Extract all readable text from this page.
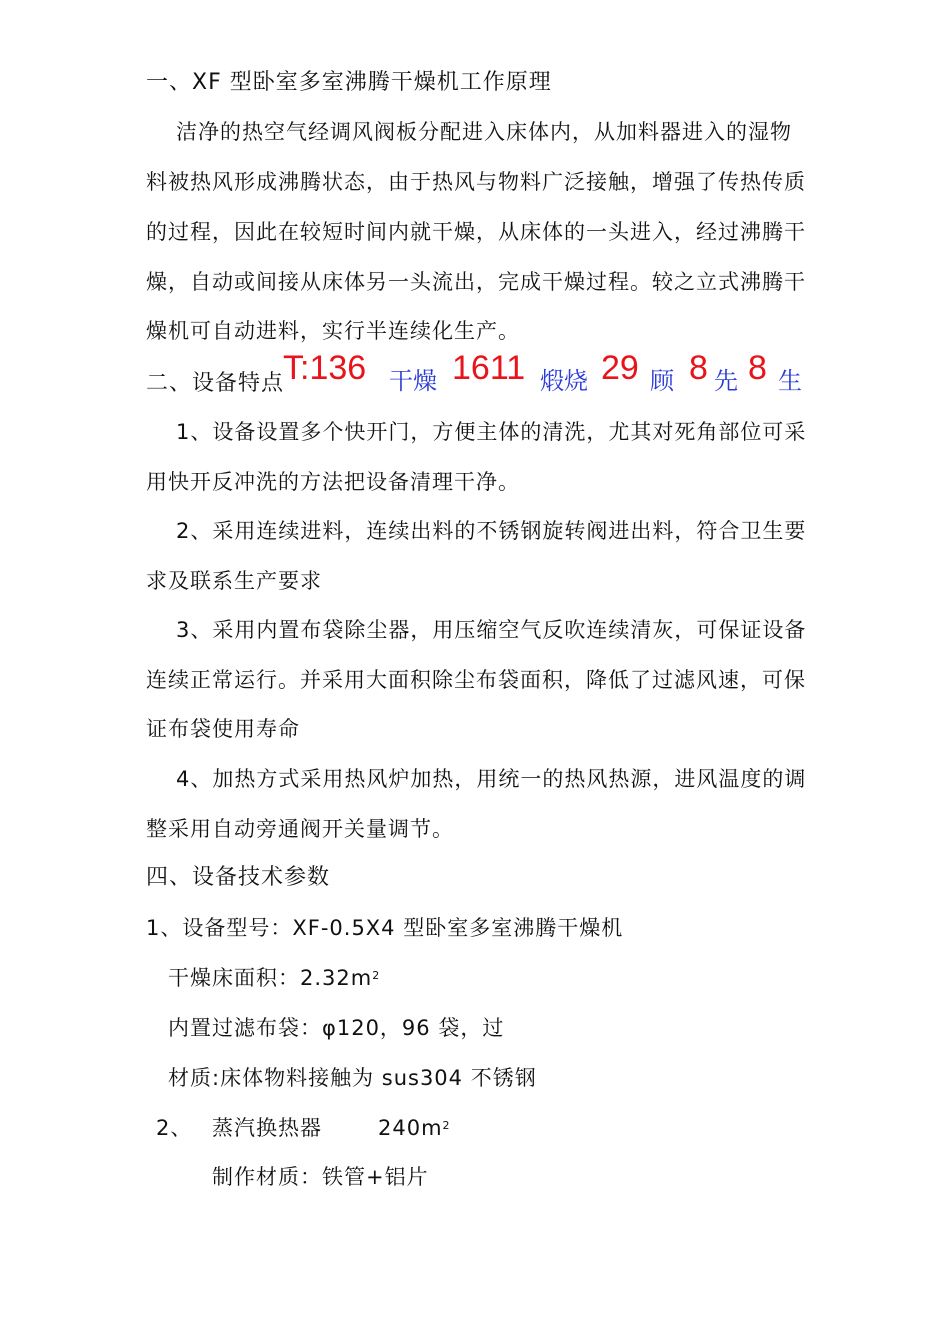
一、XF 型卧室多室沸腾干燥机工作原理
洁净的热空气经调风阀板分配进入床体内，从加料器进入的湿物
料被热风形成沸腾状态，由于热风与物料广泛接触，增强了传热传质
的过程，因此在较短时间内就干燥，从床体的一头进入，经过沸腾干
燥，自动或间接从床体另一头流出，完成干燥过程。较之立式沸腾干
燥机可自动进料，实行半连续化生产。
二、设备特点
T:136 干燥 1611 煅烧 29 顾 8 先 8 生
1、设备设置多个快开门，方便主体的清洗，尤其对死角部位可采
用快开反冲洗的方法把设备清理干净。
2、采用连续进料，连续出料的不锈钢旋转阀进出料，符合卫生要
求及联系生产要求
3、采用内置布袋除尘器，用压缩空气反吹连续清灰，可保证设备
连续正常运行。并采用大面积除尘布袋面积，降低了过滤风速，可保
证布袋使用寿命
4、加热方式采用热风炉加热，用统一的热风热源，进风温度的调
整采用自动旁通阀开关量调节。
四、设备技术参数
1、设备型号：XF-0.5X4 型卧室多室沸腾干燥机
干燥床面积：$2.32m^2$
内置过滤布袋：φ120，96 袋，过
材质:床体物料接触为 sus304 不锈钢
2、 蒸汽换热器	$240m^2$
制作材质：铁管+铝片
